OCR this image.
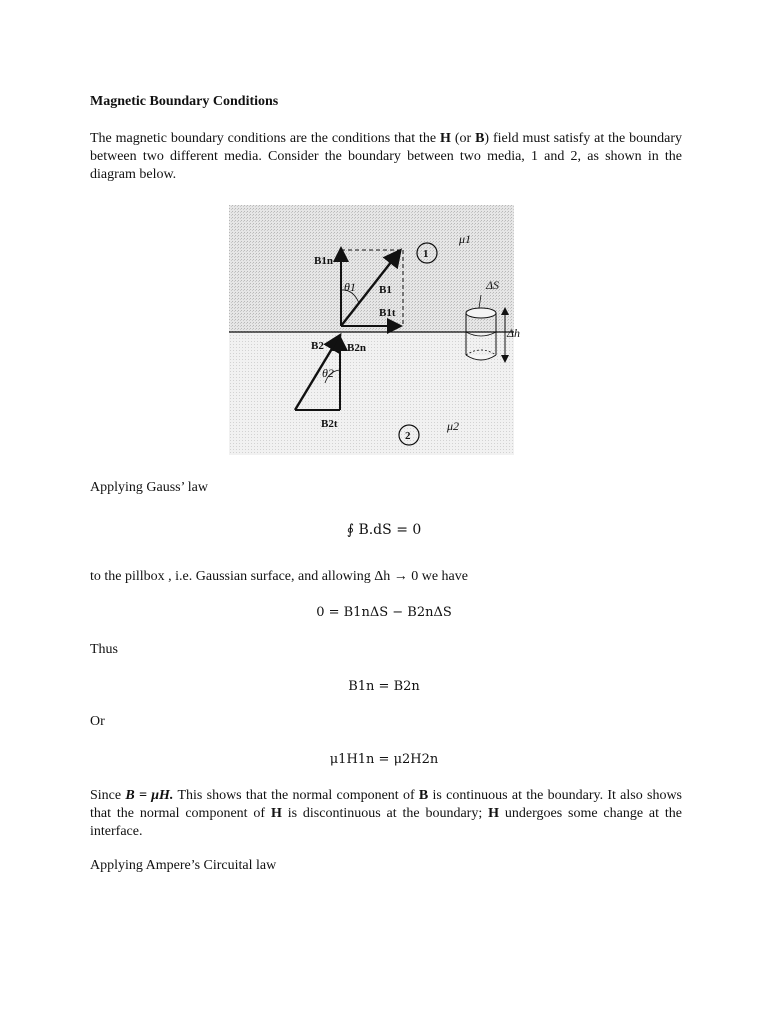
Magnetic Boundary Conditions
The magnetic boundary conditions are the conditions that the H (or B) field must satisfy at the boundary between two different media. Consider the boundary between two media, 1 and 2, as shown in the diagram below.
B1n
B1
B1t
θ1
B2 B2n
B2t
θ2
1
2
μ1
μ2
ΔS
Δh
Applying Gauss’ law
∮ B.dS = 0
to the pillbox , i.e. Gaussian surface, and allowing Δh → 0 we have
0 = B1nΔS − B2nΔS
Thus
B1n = B2n
Or
μ1H1n = μ2H2n
Since B = μH. This shows that the normal component of B is continuous at the boundary. It also shows that the normal component of H is discontinuous at the boundary; H undergoes some change at the interface.
Applying Ampere’s Circuital law
